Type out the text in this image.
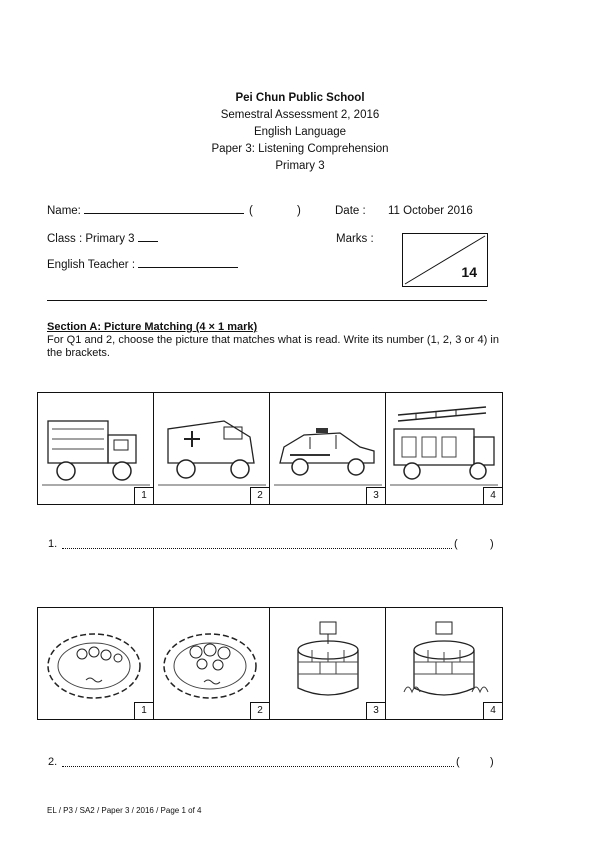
Pei Chun Public School
Semestral Assessment 2, 2016
English Language
Paper 3: Listening Comprehension
Primary 3
Name:	(	)	Date : 11 October 2016
Class : Primary 3	Marks :
14
English Teacher :
Section A: Picture Matching (4 × 1 mark)
For Q1 and 2, choose the picture that matches what is read. Write its number (1, 2, 3 or 4) in the brackets.
1	2	3	4
1.	(	)
1	2	3	4
2.	(	)
EL / P3 / SA2 / Paper 3 / 2016 / Page 1 of 4
